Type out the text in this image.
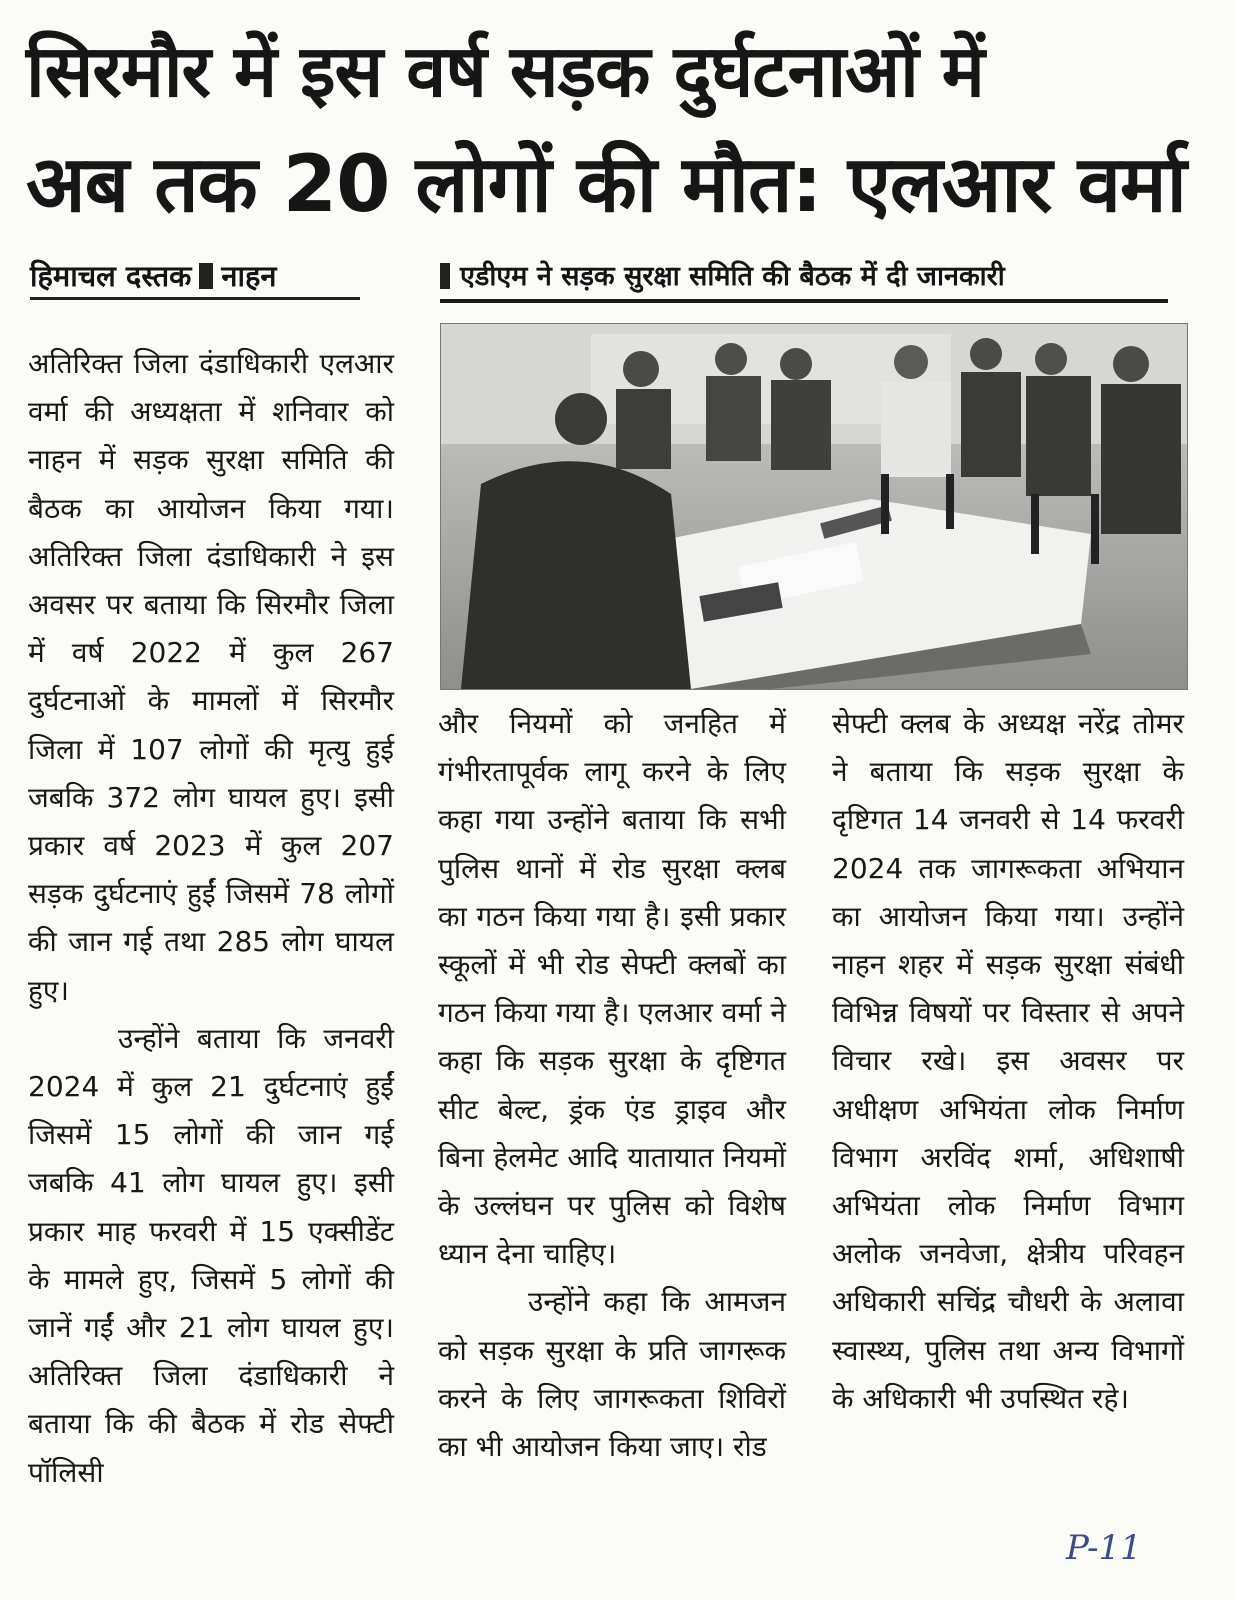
सिरमौर में इस वर्ष सड़क दुर्घटनाओं में
अब तक 20 लोगों की मौत: एलआर वर्मा
हिमाचल दस्तक नाहन	एडीएम ने सड़क सुरक्षा समिति की बैठक में दी जानकारी

अतिरिक्त जिला दंडाधिकारी एलआर वर्मा की अध्यक्षता में शनिवार को नाहन में सड़क सुरक्षा समिति की बैठक का आयोजन किया गया। अतिरिक्त जिला दंडाधिकारी ने इस अवसर पर बताया कि सिरमौर जिला में वर्ष 2022 में कुल 267 दुर्घटनाओं के मामलों में सिरमौर जिला में 107 लोगों की मृत्यु हुई जबकि 372 लोग घायल हुए। इसी प्रकार वर्ष 2023 में कुल 207 सड़क दुर्घटनाएं हुईं जिसमें 78 लोगों की जान गई तथा 285 लोग घायल हुए।

उन्होंने बताया कि जनवरी 2024 में कुल 21 दुर्घटनाएं हुईं जिसमें 15 लोगों की जान गई जबकि 41 लोग घायल हुए। इसी प्रकार माह फरवरी में 15 एक्सीडेंट के मामले हुए, जिसमें 5 लोगों की जानें गईं और 21 लोग घायल हुए। अतिरिक्त जिला दंडाधिकारी ने बताया कि की बैठक में रोड सेफ्टी पॉलिसी

और नियमों को जनहित में गंभीरतापूर्वक लागू करने के लिए कहा गया उन्होंने बताया कि सभी पुलिस थानों में रोड सुरक्षा क्लब का गठन किया गया है। इसी प्रकार स्कूलों में भी रोड सेफ्टी क्लबों का गठन किया गया है। एलआर वर्मा ने कहा कि सड़क सुरक्षा के दृष्टिगत सीट बेल्ट, ड्रंक एंड ड्राइव और बिना हेलमेट आदि यातायात नियमों के उल्लंघन पर पुलिस को विशेष ध्यान देना चाहिए।

उन्होंने कहा कि आमजन को सड़क सुरक्षा के प्रति जागरूक करने के लिए जागरूकता शिविरों का भी आयोजन किया जाए। रोड

सेफ्टी क्लब के अध्यक्ष नरेंद्र तोमर ने बताया कि सड़क सुरक्षा के दृष्टिगत 14 जनवरी से 14 फरवरी 2024 तक जागरूकता अभियान का आयोजन किया गया। उन्होंने नाहन शहर में सड़क सुरक्षा संबंधी विभिन्न विषयों पर विस्तार से अपने विचार रखे। इस अवसर पर अधीक्षण अभियंता लोक निर्माण विभाग अरविंद शर्मा, अधिशाषी अभियंता लोक निर्माण विभाग अलोक जनवेजा, क्षेत्रीय परिवहन अधिकारी सचिंद्र चौधरी के अलावा स्वास्थ्य, पुलिस तथा अन्य विभागों के अधिकारी भी उपस्थित रहे।

P-11
